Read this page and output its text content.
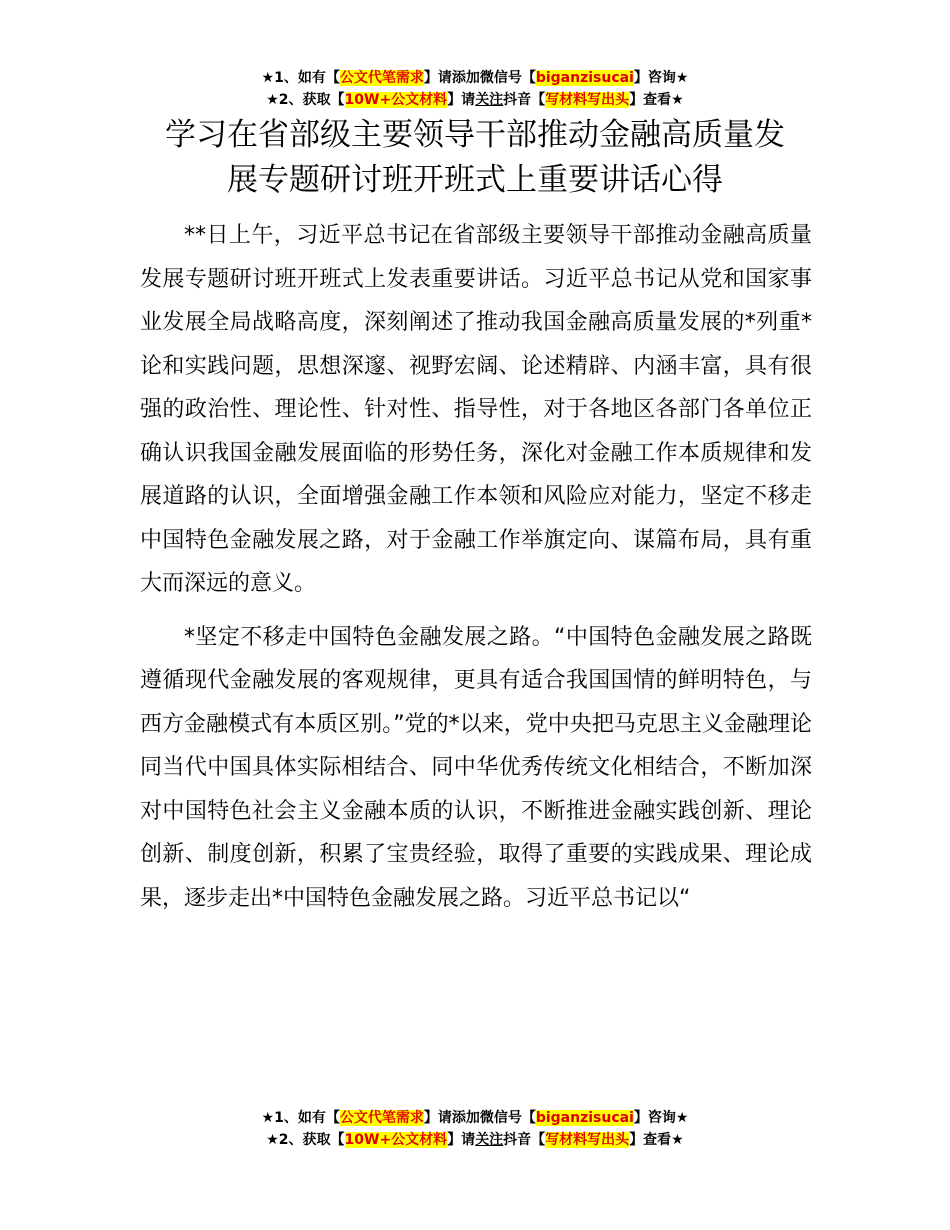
★1、如有【公文代笔需求】请添加微信号【biganzisucai】咨询★
★2、获取【10W+公文材料】请关注抖音【写材料写出头】查看★
学习在省部级主要领导干部推动金融高质量发
展专题研讨班开班式上重要讲话心得

**日上午，习近平总书记在省部级主要领导干部推动金融高质量发展专题研讨班开班式上发表重要讲话。习近平总书记从党和国家事业发展全局战略高度，深刻阐述了推动我国金融高质量发展的*列重*论和实践问题，思想深邃、视野宏阔、论述精辟、内涵丰富，具有很强的政治性、理论性、针对性、指导性，对于各地区各部门各单位正确认识我国金融发展面临的形势任务，深化对金融工作本质规律和发展道路的认识，全面增强金融工作本领和风险应对能力，坚定不移走中国特色金融发展之路，对于金融工作举旗定向、谋篇布局，具有重大而深远的意义。

*坚定不移走中国特色金融发展之路。“中国特色金融发展之路既遵循现代金融发展的客观规律，更具有适合我国国情的鲜明特色，与西方金融模式有本质区别。”党的*以来，党中央把马克思主义金融理论同当代中国具体实际相结合、同中华优秀传统文化相结合，不断加深对中国特色社会主义金融本质的认识，不断推进金融实践创新、理论创新、制度创新，积累了宝贵经验，取得了重要的实践成果、理论成果，逐步走出*中国特色金融发展之路。习近平总书记以“

★1、如有【公文代笔需求】请添加微信号【biganzisucai】咨询★
★2、获取【10W+公文材料】请关注抖音【写材料写出头】查看★
